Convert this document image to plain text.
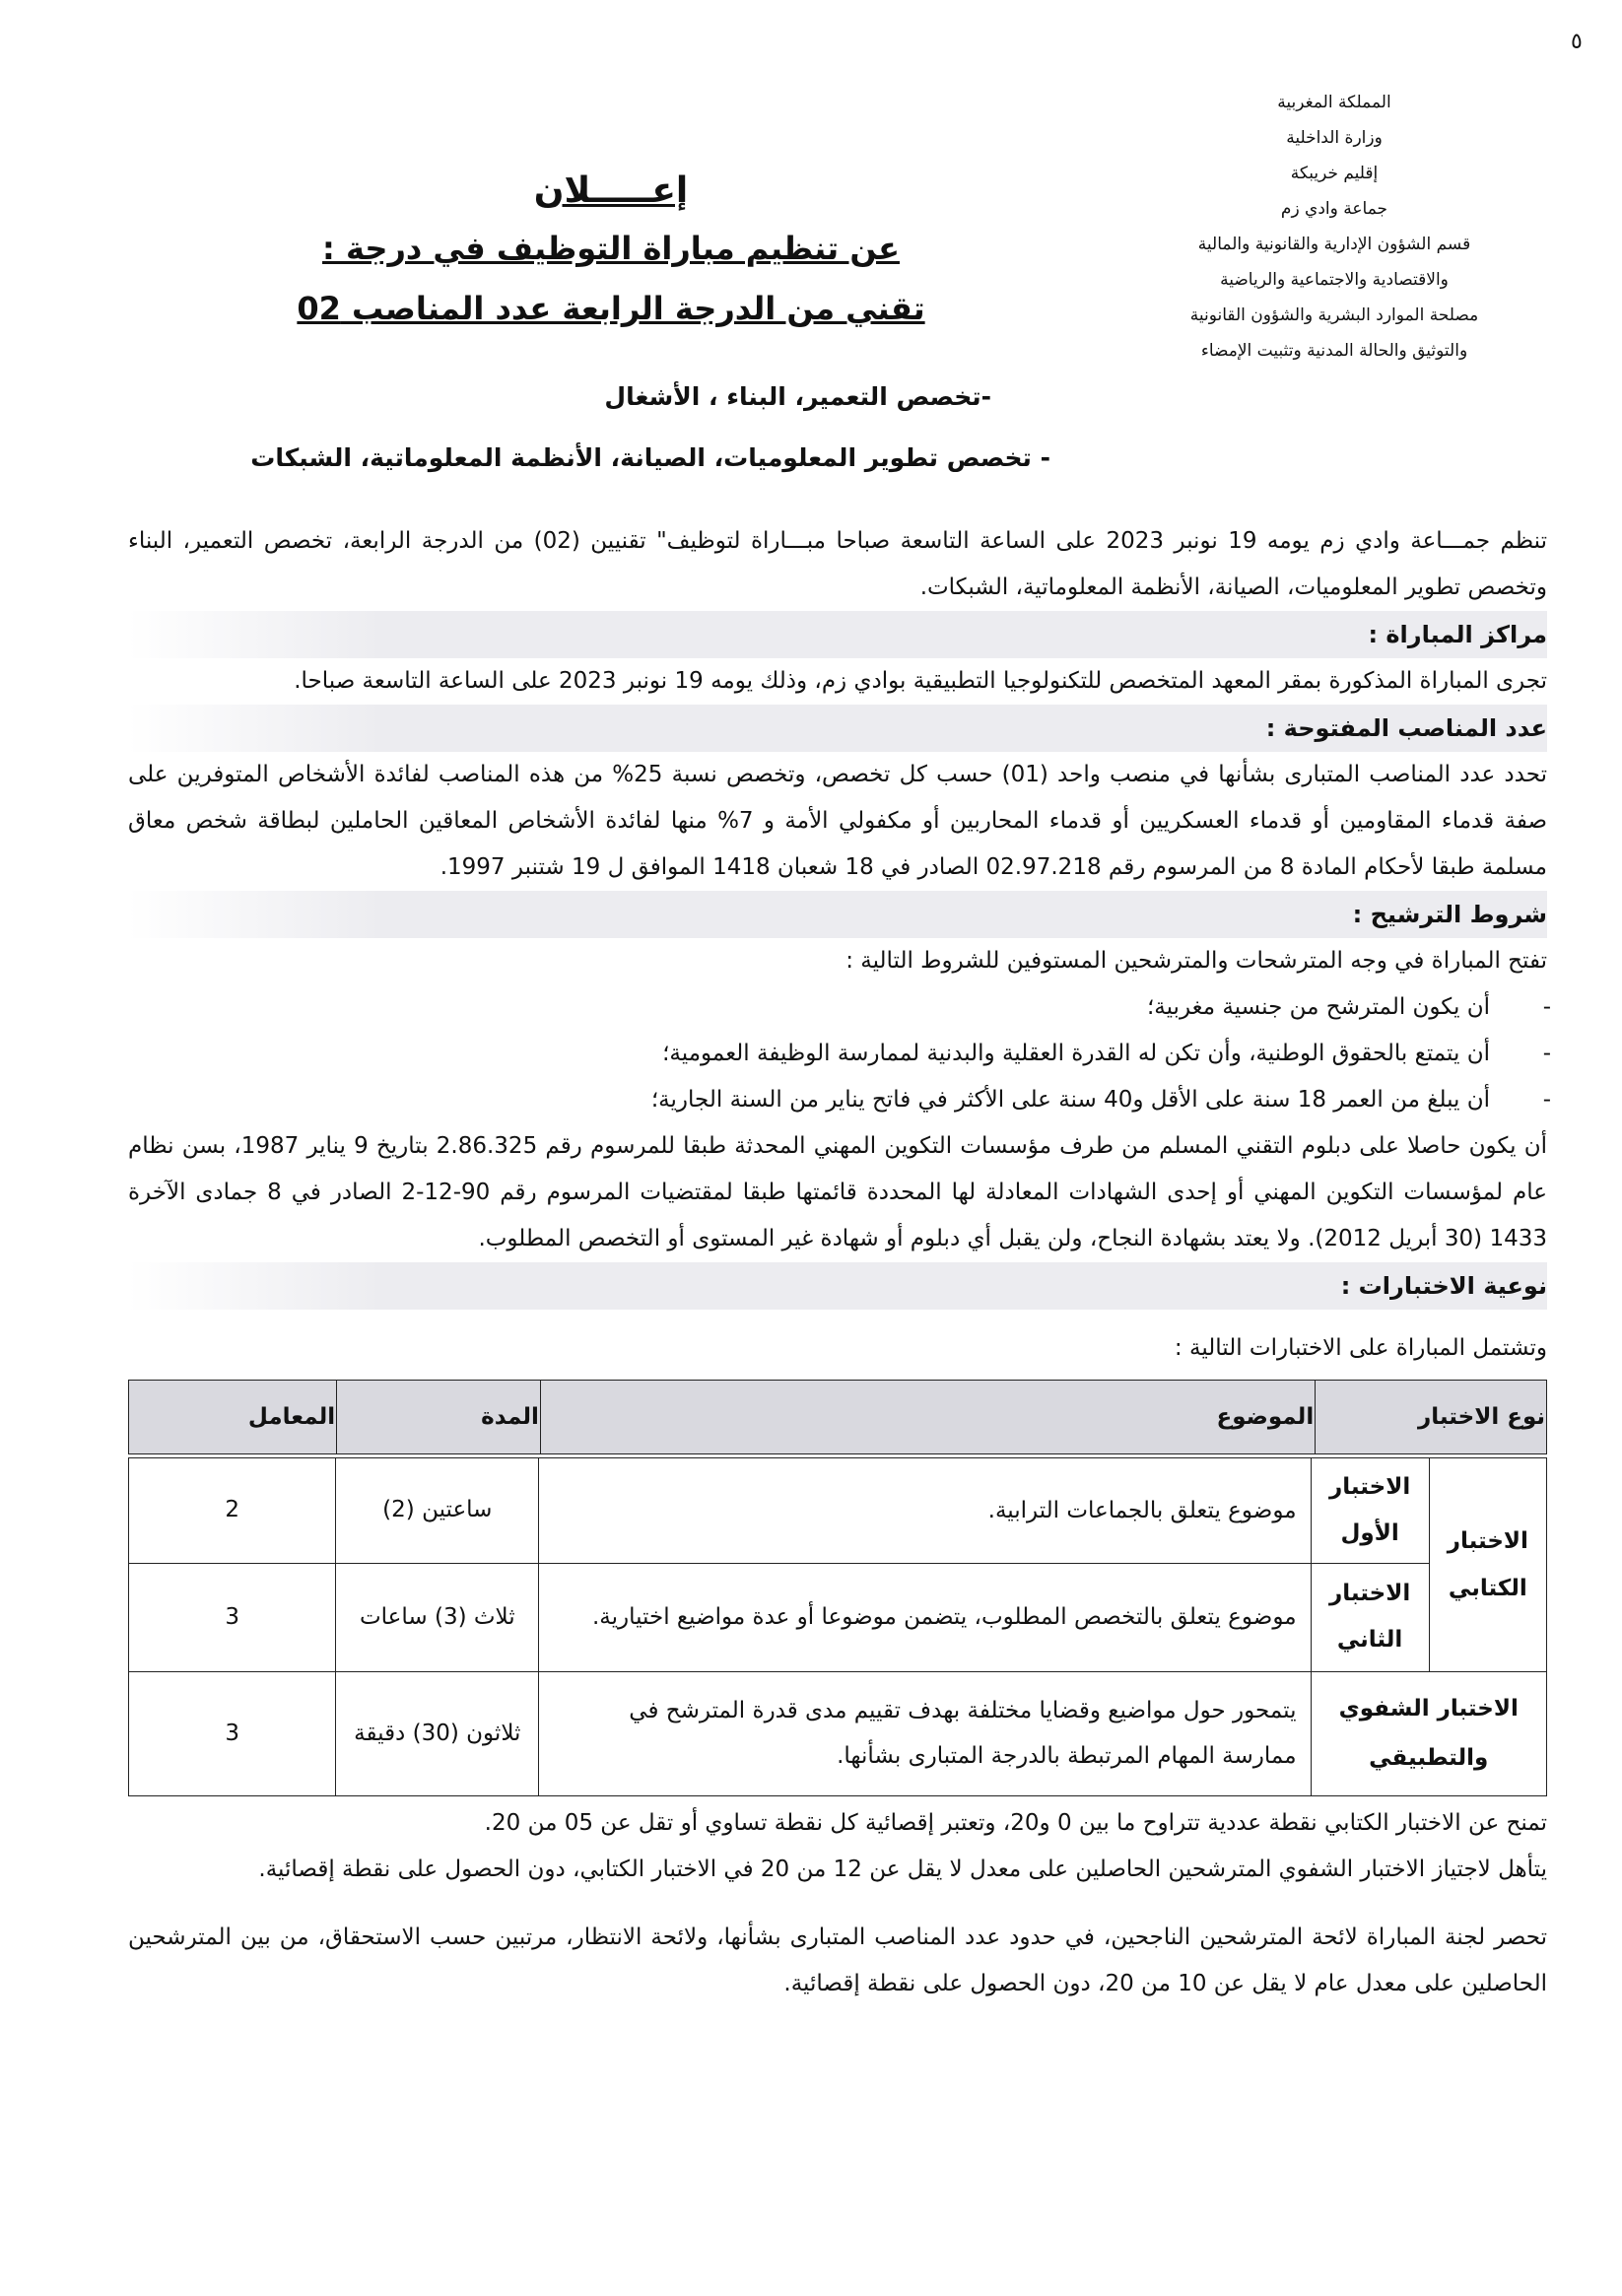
٥
المملكة المغربية
وزارة الداخلية
إقليم خريبكة
جماعة وادي زم
قسم الشؤون الإدارية والقانونية والمالية
والاقتصادية والاجتماعية والرياضية
مصلحة الموارد البشرية والشؤون القانونية
والتوثيق والحالة المدنية وتثبيت الإمضاء
إعـــــلان
عن تنظيم مباراة التوظيف في درجة :
تقني من الدرجة الرابعة عدد المناصب 02
-تخصص التعمير، البناء ، الأشغال
- تخصص تطوير المعلوميات، الصيانة، الأنظمة المعلوماتية، الشبكات

تنظم جمـــاعة وادي زم يومه 19 نونبر 2023 على الساعة التاسعة صباحا مبـــاراة لتوظيف" تقنيين (02) من الدرجة الرابعة، تخصص التعمير، البناء وتخصص تطوير المعلوميات، الصيانة، الأنظمة المعلوماتية، الشبكات.

مراكز المباراة :

تجرى المباراة المذكورة بمقر المعهد المتخصص للتكنولوجيا التطبيقية بوادي زم، وذلك يومه 19 نونبر 2023 على الساعة التاسعة صباحا.

عدد المناصب المفتوحة :

تحدد عدد المناصب المتبارى بشأنها في منصب واحد (01) حسب كل تخصص، وتخصص نسبة 25% من هذه المناصب لفائدة الأشخاص المتوفرين على صفة قدماء المقاومين أو قدماء العسكريين أو قدماء المحاربين أو مكفولي الأمة و 7% منها لفائدة الأشخاص المعاقين الحاملين لبطاقة شخص معاق مسلمة طبقا لأحكام المادة 8 من المرسوم رقم 02.97.218 الصادر في 18 شعبان 1418 الموافق ل 19 شتنبر 1997.

شروط الترشيح :

تفتح المباراة في وجه المترشحات والمترشحين المستوفين للشروط التالية :

- أن يكون المترشح من جنسية مغربية؛
- أن يتمتع بالحقوق الوطنية، وأن تكن له القدرة العقلية والبدنية لممارسة الوظيفة العمومية؛
- أن يبلغ من العمر 18 سنة على الأقل و40 سنة على الأكثر في فاتح يناير من السنة الجارية؛

أن يكون حاصلا على دبلوم التقني المسلم من طرف مؤسسات التكوين المهني المحدثة طبقا للمرسوم رقم 2.86.325 بتاريخ 9 يناير 1987، بسن نظام عام لمؤسسات التكوين المهني أو إحدى الشهادات المعادلة لها المحددة قائمتها طبقا لمقتضيات المرسوم رقم 90-12-2 الصادر في 8 جمادى الآخرة 1433 (30 أبريل 2012). ولا يعتد بشهادة النجاح، ولن يقبل أي دبلوم أو شهادة غير المستوى أو التخصص المطلوب.

نوعية الاختبارات :

وتشتمل المباراة على الاختبارات التالية :

نوع الاختبار	الموضوع	المدة	المعامل
الاختبار الكتابي	الاختبار الأول	موضوع يتعلق بالجماعات الترابية.	ساعتين (2)	2
	الاختبار الثاني	موضوع يتعلق بالتخصص المطلوب، يتضمن موضوعا أو عدة مواضيع اختيارية.	ثلاث (3) ساعات	3
الاختبار الشفوي والتطبيقي		يتمحور حول مواضيع وقضايا مختلفة بهدف تقييم مدى قدرة المترشح في ممارسة المهام المرتبطة بالدرجة المتبارى بشأنها.	ثلاثون (30) دقيقة	3

تمنح عن الاختبار الكتابي نقطة عددية تتراوح ما بين 0 و20، وتعتبر إقصائية كل نقطة تساوي أو تقل عن 05 من 20.

يتأهل لاجتياز الاختبار الشفوي المترشحين الحاصلين على معدل لا يقل عن 12 من 20 في الاختبار الكتابي، دون الحصول على نقطة إقصائية.

تحصر لجنة المباراة لائحة المترشحين الناجحين، في حدود عدد المناصب المتبارى بشأنها، ولائحة الانتظار، مرتبين حسب الاستحقاق، من بين المترشحين الحاصلين على معدل عام لا يقل عن 10 من 20، دون الحصول على نقطة إقصائية.
